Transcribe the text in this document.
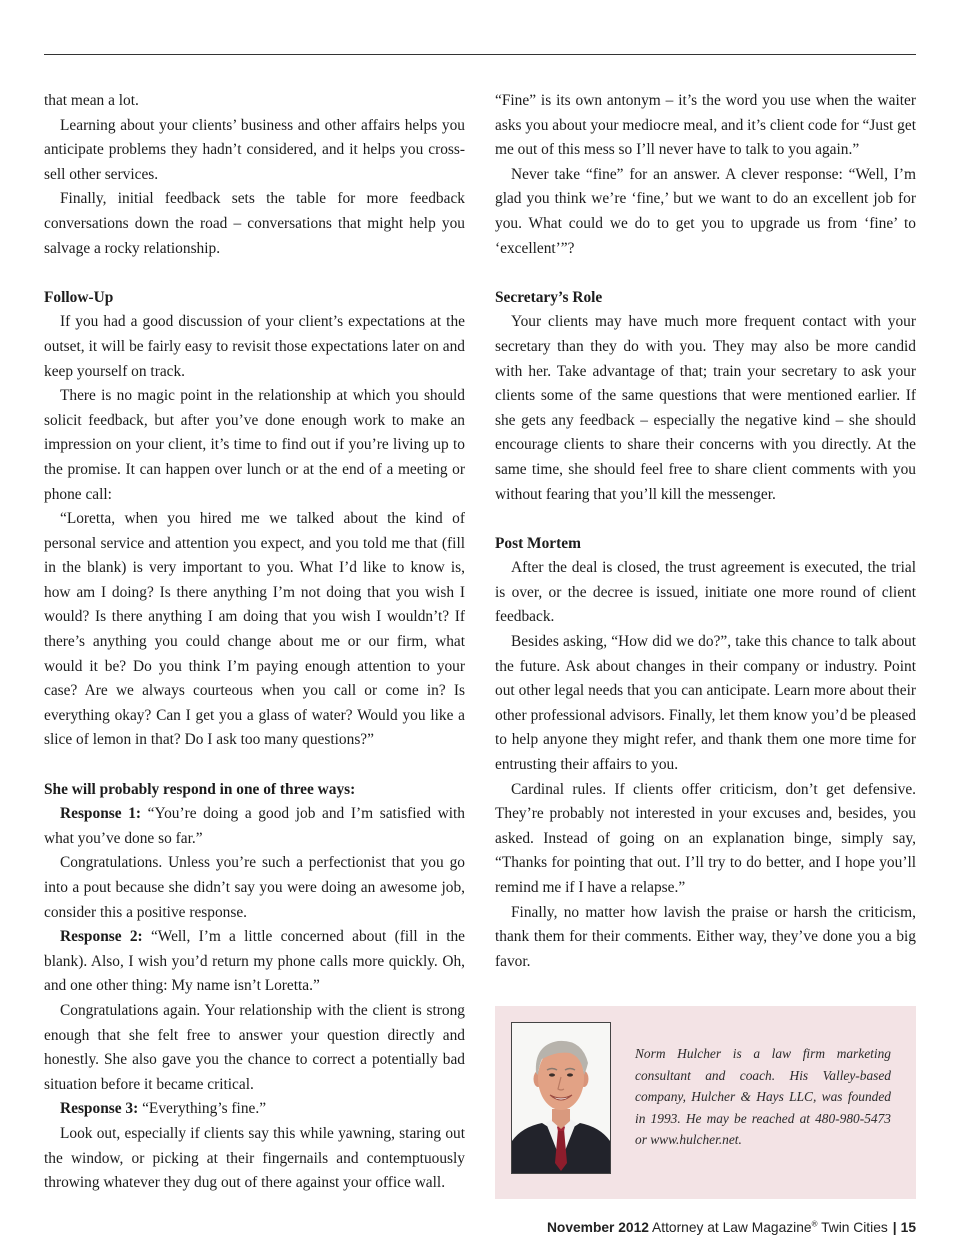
that mean a lot.

Learning about your clients’ business and other affairs helps you anticipate problems they hadn’t considered, and it helps you cross-sell other services.

Finally, initial feedback sets the table for more feedback conversations down the road – conversations that might help you salvage a rocky relationship.

Follow-Up

If you had a good discussion of your client’s expectations at the outset, it will be fairly easy to revisit those expectations later on and keep yourself on track.

There is no magic point in the relationship at which you should solicit feedback, but after you’ve done enough work to make an impression on your client, it’s time to find out if you’re living up to the promise. It can happen over lunch or at the end of a meeting or phone call:

“Loretta, when you hired me we talked about the kind of personal service and attention you expect, and you told me that (fill in the blank) is very important to you. What I’d like to know is, how am I doing? Is there anything I’m not doing that you wish I would? Is there anything I am doing that you wish I wouldn’t? If there’s anything you could change about me or our firm, what would it be? Do you think I’m paying enough attention to your case? Are we always courteous when you call or come in? Is everything okay? Can I get you a glass of water? Would you like a slice of lemon in that? Do I ask too many questions?”

She will probably respond in one of three ways:

Response 1: “You’re doing a good job and I’m satisfied with what you’ve done so far.”

Congratulations. Unless you’re such a perfectionist that you go into a pout because she didn’t say you were doing an awesome job, consider this a positive response.

Response 2: “Well, I’m a little concerned about (fill in the blank). Also, I wish you’d return my phone calls more quickly. Oh, and one other thing: My name isn’t Loretta.”

Congratulations again. Your relationship with the client is strong enough that she felt free to answer your question directly and honestly. She also gave you the chance to correct a potentially bad situation before it became critical.

Response 3: “Everything’s fine.”

Look out, especially if clients say this while yawning, staring out the window, or picking at their fingernails and contemptuously throwing whatever they dug out of there against your office wall.

“Fine” is its own antonym – it’s the word you use when the waiter asks you about your mediocre meal, and it’s client code for “Just get me out of this mess so I’ll never have to talk to you again.”

Never take “fine” for an answer. A clever response: “Well, I’m glad you think we’re ‘fine,’ but we want to do an excellent job for you. What could we do to get you to upgrade us from ‘fine’ to ‘excellent’”?

Secretary’s Role

Your clients may have much more frequent contact with your secretary than they do with you. They may also be more candid with her. Take advantage of that; train your secretary to ask your clients some of the same questions that were mentioned earlier. If she gets any feedback – especially the negative kind – she should encourage clients to share their concerns with you directly. At the same time, she should feel free to share client comments with you without fearing that you’ll kill the messenger.

Post Mortem

After the deal is closed, the trust agreement is executed, the trial is over, or the decree is issued, initiate one more round of client feedback.

Besides asking, “How did we do?”, take this chance to talk about the future. Ask about changes in their company or industry. Point out other legal needs that you can anticipate. Learn more about their other professional advisors. Finally, let them know you’d be pleased to help anyone they might refer, and thank them one more time for entrusting their affairs to you.

Cardinal rules. If clients offer criticism, don’t get defensive. They’re probably not interested in your excuses and, besides, you asked. Instead of going on an explanation binge, simply say, “Thanks for pointing that out. I’ll try to do better, and I hope you’ll remind me if I have a relapse.”

Finally, no matter how lavish the praise or harsh the criticism, thank them for their comments. Either way, they’ve done you a big favor.

Norm Hulcher is a law firm marketing consultant and coach. His Valley-based company, Hulcher & Hays LLC, was founded in 1993. He may be reached at 480-980-5473 or www.hulcher.net.
November 2012 Attorney at Law Magazine® Twin Cities | 15
